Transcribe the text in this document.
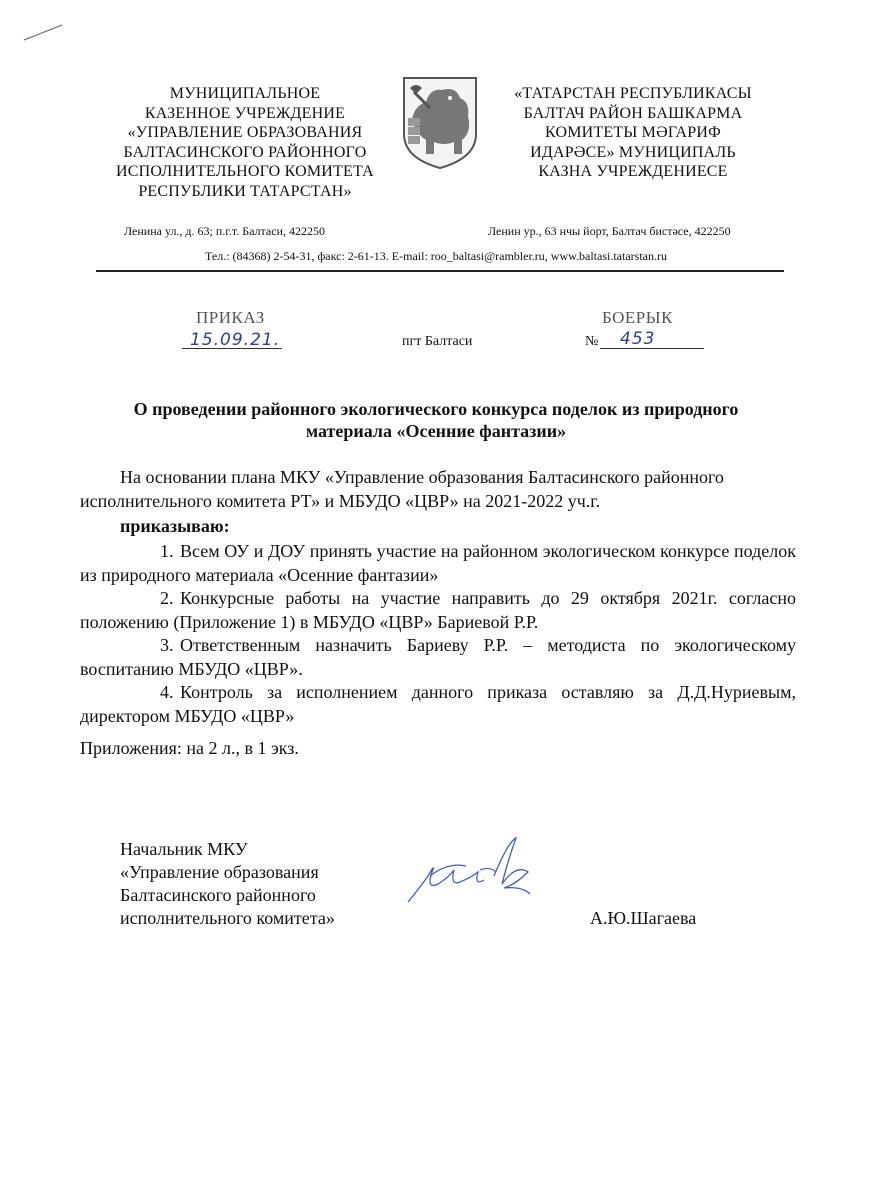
МУНИЦИПАЛЬНОЕ
КАЗЕННОЕ УЧРЕЖДЕНИЕ
«УПРАВЛЕНИЕ ОБРАЗОВАНИЯ
БАЛТАСИНСКОГО РАЙОННОГО
ИСПОЛНИТЕЛЬНОГО КОМИТЕТА
РЕСПУБЛИКИ ТАТАРСТАН»
«ТАТАРСТАН РЕСПУБЛИКАСЫ
БАЛТАЧ РАЙОН БАШКАРМА
КОМИТЕТЫ МӘГАРИФ
ИДАРӘСЕ» МУНИЦИПАЛЬ
КАЗНА УЧРЕЖДЕНИЕСЕ
Ленина ул., д. 63; п.г.т. Балтаси, 422250	Ленин ур., 63 нчы йорт, Балтач бистәсе, 422250
Тел.: (84368) 2-54-31, факс: 2-61-13. E-mail: roo_baltasi@rambler.ru, www.baltasi.tatarstan.ru
ПРИКАЗ	БОЕРЫК
15.09.21.	пгт Балтаси	№ 453
О проведении районного экологического конкурса поделок из природного
материала «Осенние фантазии»
На основании плана МКУ «Управление образования Балтасинского районного исполнительного комитета РТ» и МБУДО «ЦВР» на 2021-2022 уч.г.
приказываю:
1. Всем ОУ и ДОУ принять участие на районном экологическом конкурсе поделок из природного материала «Осенние фантазии»
2. Конкурсные работы на участие направить до 29 октября 2021г. согласно положению (Приложение 1) в МБУДО «ЦВР» Бариевой Р.Р.
3. Ответственным назначить Бариеву Р.Р. – методиста по экологическому воспитанию МБУДО «ЦВР».
4. Контроль за исполнением данного приказа оставляю за Д.Д.Нуриевым, директором МБУДО «ЦВР»
Приложения: на 2 л., в 1 экз.
Начальник МКУ
«Управление образования
Балтасинского районного
исполнительного комитета»	А.Ю.Шагаева
